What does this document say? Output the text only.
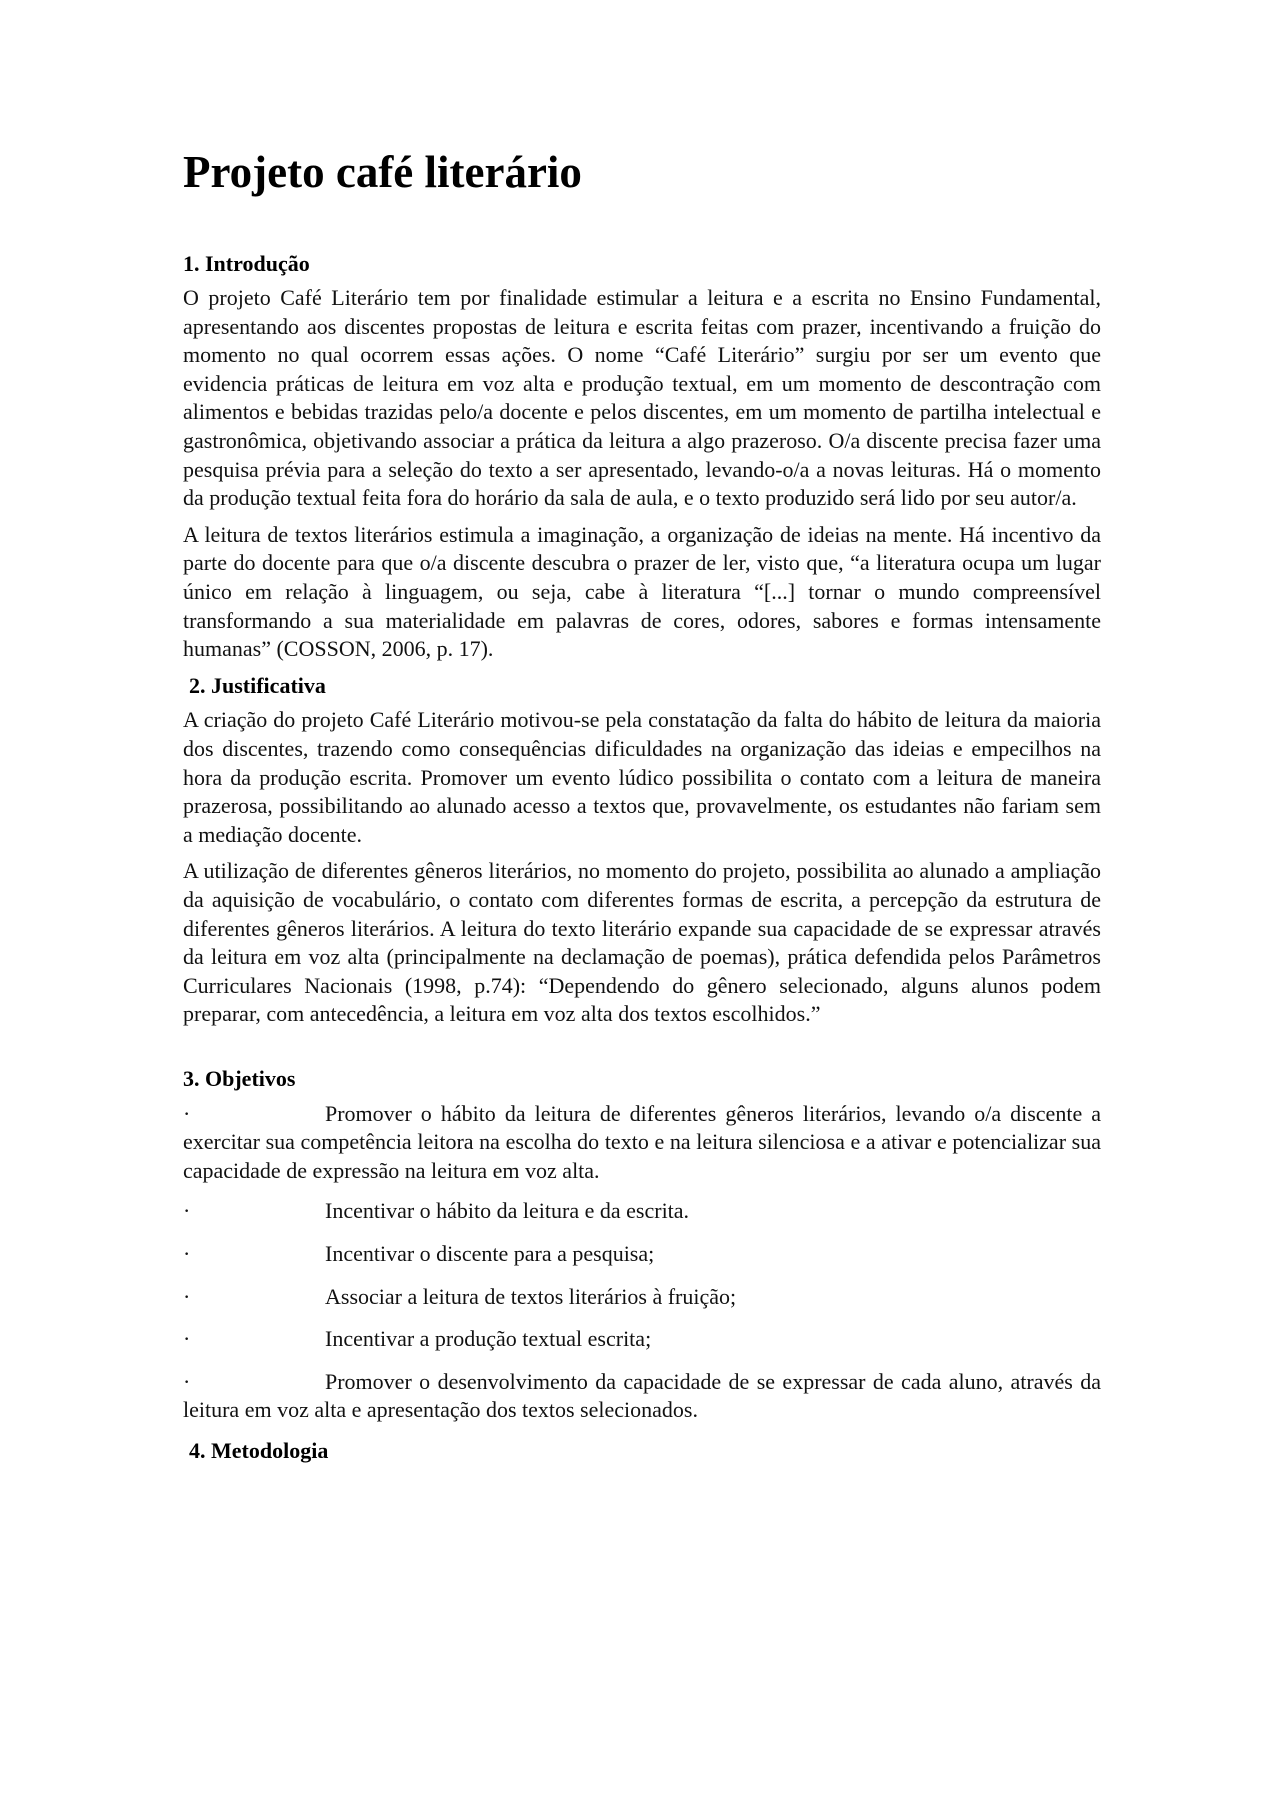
Projeto café literário
1. Introdução

O projeto Café Literário tem por finalidade estimular a leitura e a escrita no Ensino Fundamental, apresentando aos discentes propostas de leitura e escrita feitas com prazer, incentivando a fruição do momento no qual ocorrem essas ações. O nome “Café Literário” surgiu por ser um evento que evidencia práticas de leitura em voz alta e produção textual, em um momento de descontração com alimentos e bebidas trazidas pelo/a docente e pelos discentes, em um momento de partilha intelectual e gastronômica, objetivando associar a prática da leitura a algo prazeroso. O/a discente precisa fazer uma pesquisa prévia para a seleção do texto a ser apresentado, levando-o/a a novas leituras. Há o momento da produção textual feita fora do horário da sala de aula, e o texto produzido será lido por seu autor/a.

A leitura de textos literários estimula a imaginação, a organização de ideias na mente. Há incentivo da parte do docente para que o/a discente descubra o prazer de ler, visto que, “a literatura ocupa um lugar único em relação à linguagem, ou seja, cabe à literatura “[...] tornar o mundo compreensível transformando a sua materialidade em palavras de cores, odores, sabores e formas intensamente humanas” (COSSON, 2006, p. 17).

2. Justificativa

A criação do projeto Café Literário motivou-se pela constatação da falta do hábito de leitura da maioria dos discentes, trazendo como consequências dificuldades na organização das ideias e empecilhos na hora da produção escrita. Promover um evento lúdico possibilita o contato com a leitura de maneira prazerosa, possibilitando ao alunado acesso a textos que, provavelmente, os estudantes não fariam sem a mediação docente.

A utilização de diferentes gêneros literários, no momento do projeto, possibilita ao alunado a ampliação da aquisição de vocabulário, o contato com diferentes formas de escrita, a percepção da estrutura de diferentes gêneros literários. A leitura do texto literário expande sua capacidade de se expressar através da leitura em voz alta (principalmente na declamação de poemas), prática defendida pelos Parâmetros Curriculares Nacionais (1998, p.74): “Dependendo do gênero selecionado, alguns alunos podem preparar, com antecedência, a leitura em voz alta dos textos escolhidos.”

3. Objetivos
·	Promover o hábito da leitura de diferentes gêneros literários, levando o/a discente a exercitar sua competência leitora na escolha do texto e na leitura silenciosa e a ativar e potencializar sua capacidade de expressão na leitura em voz alta.
·	Incentivar o hábito da leitura e da escrita.
·	Incentivar o discente para a pesquisa;
·	Associar a leitura de textos literários à fruição;
·	Incentivar a produção textual escrita;
·	Promover o desenvolvimento da capacidade de se expressar de cada aluno, através da leitura em voz alta e apresentação dos textos selecionados.
4. Metodologia
